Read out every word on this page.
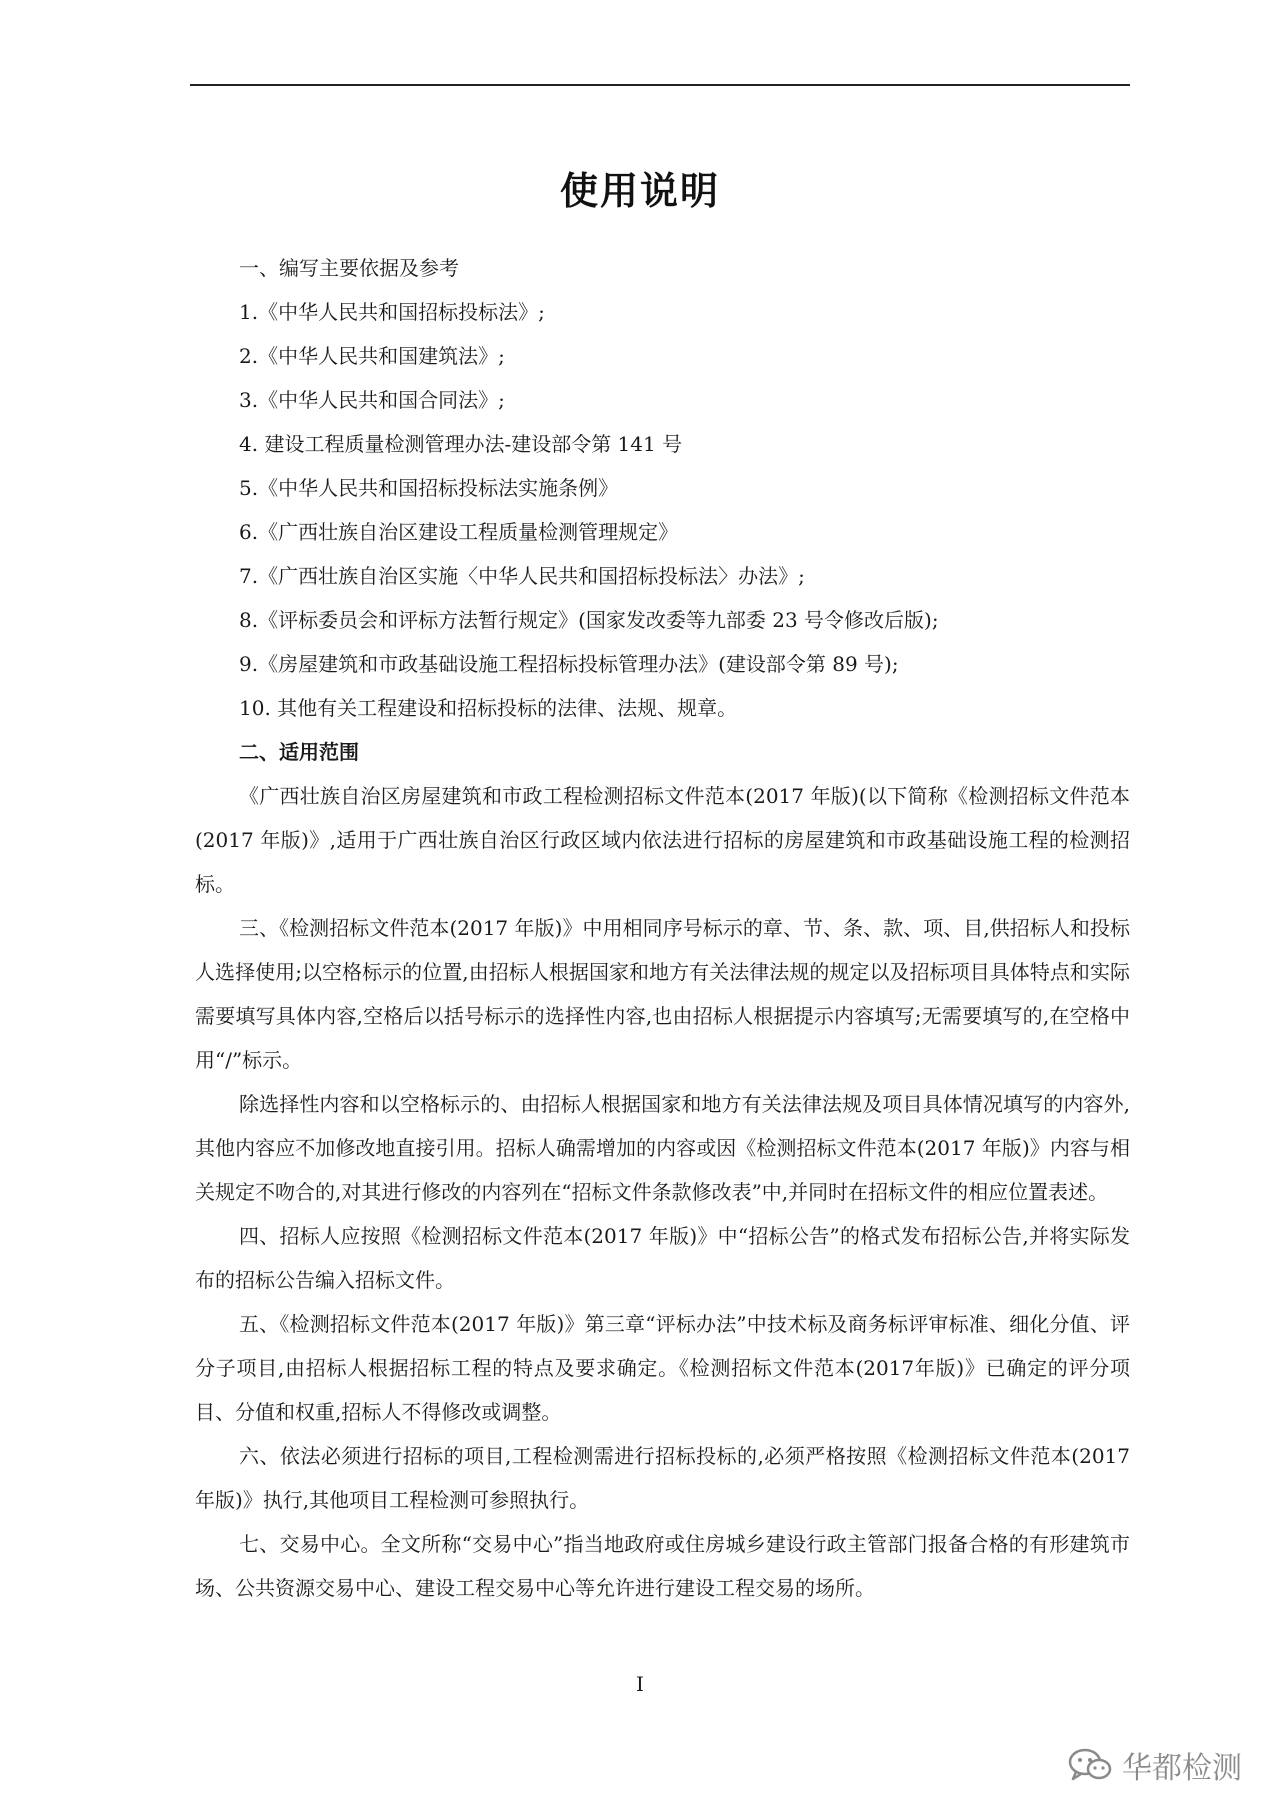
使用说明
一、编写主要依据及参考
1.《中华人民共和国招标投标法》;
2.《中华人民共和国建筑法》;
3.《中华人民共和国合同法》;
4. 建设工程质量检测管理办法-建设部令第 141 号
5.《中华人民共和国招标投标法实施条例》
6.《广西壮族自治区建设工程质量检测管理规定》
7.《广西壮族自治区实施〈中华人民共和国招标投标法〉办法》;
8.《评标委员会和评标方法暂行规定》(国家发改委等九部委 23 号令修改后版);
9.《房屋建筑和市政基础设施工程招标投标管理办法》(建设部令第 89 号);
10. 其他有关工程建设和招标投标的法律、法规、规章。
二、适用范围
《广西壮族自治区房屋建筑和市政工程检测招标文件范本(2017 年版)(以下简称《检测招标文件范本(2017 年版)》,适用于广西壮族自治区行政区域内依法进行招标的房屋建筑和市政基础设施工程的检测招标。
三、《检测招标文件范本(2017 年版)》中用相同序号标示的章、节、条、款、项、目,供招标人和投标人选择使用;以空格标示的位置,由招标人根据国家和地方有关法律法规的规定以及招标项目具体特点和实际需要填写具体内容,空格后以括号标示的选择性内容,也由招标人根据提示内容填写;无需要填写的,在空格中用“/”标示。
除选择性内容和以空格标示的、由招标人根据国家和地方有关法律法规及项目具体情况填写的内容外,其他内容应不加修改地直接引用。招标人确需增加的内容或因《检测招标文件范本(2017 年版)》内容与相关规定不吻合的,对其进行修改的内容列在“招标文件条款修改表”中,并同时在招标文件的相应位置表述。
四、招标人应按照《检测招标文件范本(2017 年版)》中“招标公告”的格式发布招标公告,并将实际发布的招标公告编入招标文件。
五、《检测招标文件范本(2017 年版)》第三章“评标办法”中技术标及商务标评审标准、细化分值、评分子项目,由招标人根据招标工程的特点及要求确定。《检测招标文件范本(2017年版)》已确定的评分项目、分值和权重,招标人不得修改或调整。
六、依法必须进行招标的项目,工程检测需进行招标投标的,必须严格按照《检测招标文件范本(2017 年版)》执行,其他项目工程检测可参照执行。
七、交易中心。全文所称“交易中心”指当地政府或住房城乡建设行政主管部门报备合格的有形建筑市场、公共资源交易中心、建设工程交易中心等允许进行建设工程交易的场所。
I
华都检测
